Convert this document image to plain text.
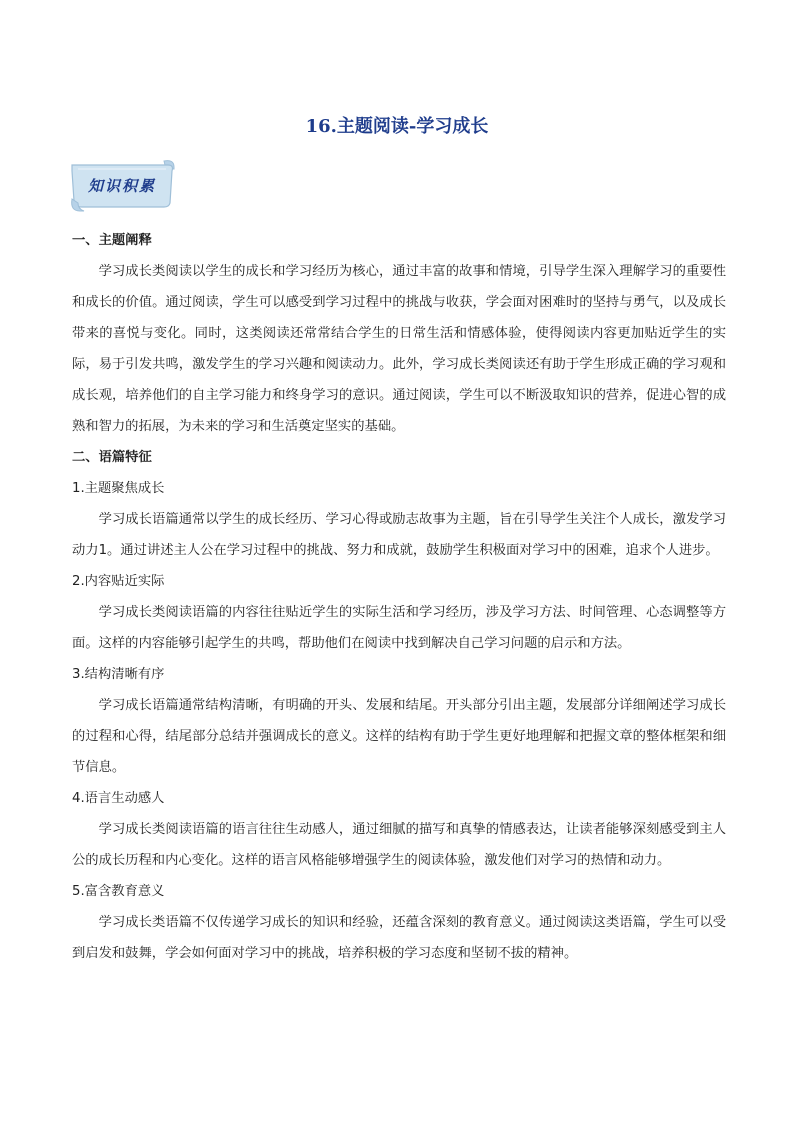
16.主题阅读-学习成长
知识积累

一、主题阐释

学习成长类阅读以学生的成长和学习经历为核心，通过丰富的故事和情境，引导学生深入理解学习的重要性和成长的价值。通过阅读，学生可以感受到学习过程中的挑战与收获，学会面对困难时的坚持与勇气，以及成长带来的喜悦与变化。同时，这类阅读还常常结合学生的日常生活和情感体验，使得阅读内容更加贴近学生的实际，易于引发共鸣，激发学生的学习兴趣和阅读动力。此外，学习成长类阅读还有助于学生形成正确的学习观和成长观，培养他们的自主学习能力和终身学习的意识。通过阅读，学生可以不断汲取知识的营养，促进心智的成熟和智力的拓展，为未来的学习和生活奠定坚实的基础。

二、语篇特征

1.主题聚焦成长

学习成长语篇通常以学生的成长经历、学习心得或励志故事为主题，旨在引导学生关注个人成长，激发学习动力1。通过讲述主人公在学习过程中的挑战、努力和成就，鼓励学生积极面对学习中的困难，追求个人进步。

2.内容贴近实际

学习成长类阅读语篇的内容往往贴近学生的实际生活和学习经历，涉及学习方法、时间管理、心态调整等方面。这样的内容能够引起学生的共鸣，帮助他们在阅读中找到解决自己学习问题的启示和方法。

3.结构清晰有序

学习成长语篇通常结构清晰，有明确的开头、发展和结尾。开头部分引出主题，发展部分详细阐述学习成长的过程和心得，结尾部分总结并强调成长的意义。这样的结构有助于学生更好地理解和把握文章的整体框架和细节信息。

4.语言生动感人

学习成长类阅读语篇的语言往往生动感人，通过细腻的描写和真挚的情感表达，让读者能够深刻感受到主人公的成长历程和内心变化。这样的语言风格能够增强学生的阅读体验，激发他们对学习的热情和动力。

5.富含教育意义

学习成长类语篇不仅传递学习成长的知识和经验，还蕴含深刻的教育意义。通过阅读这类语篇，学生可以受到启发和鼓舞，学会如何面对学习中的挑战，培养积极的学习态度和坚韧不拔的精神。
